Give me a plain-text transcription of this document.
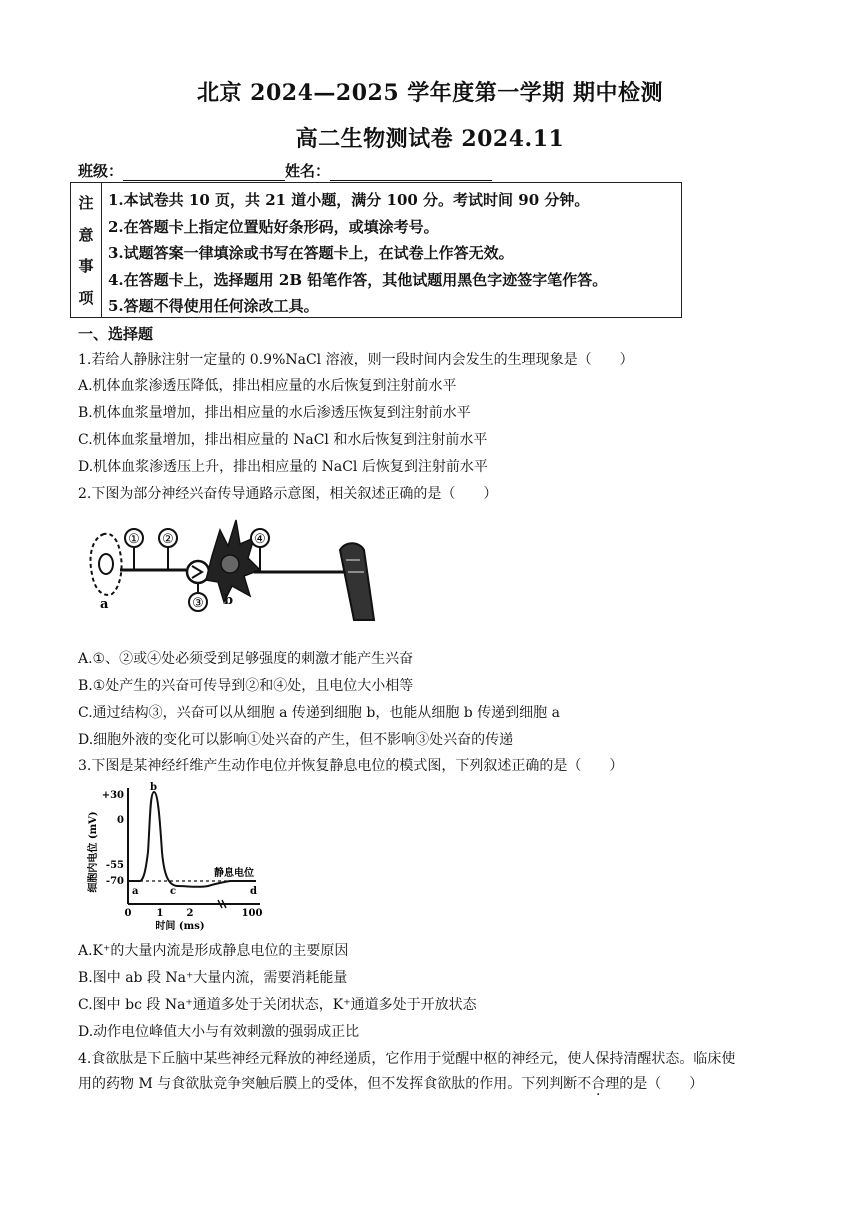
北京 2024—2025 学年度第一学期 期中检测
高二生物测试卷 2024.11
班级：	姓名：
注
意
事
项
1.本试卷共 10 页，共 21 道小题，满分 100 分。考试时间 90 分钟。
2.在答题卡上指定位置贴好条形码，或填涂考号。
3.试题答案一律填涂或书写在答题卡上，在试卷上作答无效。
4.在答题卡上，选择题用 2B 铅笔作答，其他试题用黑色字迹签字笔作答。
5.答题不得使用任何涂改工具。
一、选择题
1.若给人静脉注射一定量的 0.9%NaCl 溶液，则一段时间内会发生的生理现象是（　　）
A.机体血浆渗透压降低，排出相应量的水后恢复到注射前水平
B.机体血浆量增加，排出相应量的水后渗透压恢复到注射前水平
C.机体血浆量增加，排出相应量的 NaCl 和水后恢复到注射前水平
D.机体血浆渗透压上升，排出相应量的 NaCl 后恢复到注射前水平
2.下图为部分神经兴奋传导通路示意图，相关叙述正确的是（　　）
a
① ②
③ b
④
A.①、②或④处必须受到足够强度的刺激才能产生兴奋
B.①处产生的兴奋可传导到②和④处，且电位大小相等
C.通过结构③，兴奋可以从细胞 a 传递到细胞 b，也能从细胞 b 传递到细胞 a
D.细胞外液的变化可以影响①处兴奋的产生，但不影响③处兴奋的传递
3.下图是某神经纤维产生动作电位并恢复静息电位的模式图，下列叙述正确的是（　　）
细胞内电位 (mV)
+30
0
-55
-70
a
b
c	d
静息电位
0	1 2	100
时间 (ms)
A.K⁺的大量内流是形成静息电位的主要原因
B.图中 ab 段 Na⁺大量内流，需要消耗能量
C.图中 bc 段 Na⁺通道多处于关闭状态，K⁺通道多处于开放状态
D.动作电位峰值大小与有效刺激的强弱成正比
4.食欲肽是下丘脑中某些神经元释放的神经递质，它作用于觉醒中枢的神经元，使人保持清醒状态。临床使
用的药物 M 与食欲肽竞争突触后膜上的受体，但不发挥食欲肽的作用。下列判断不合理的是（　　）
